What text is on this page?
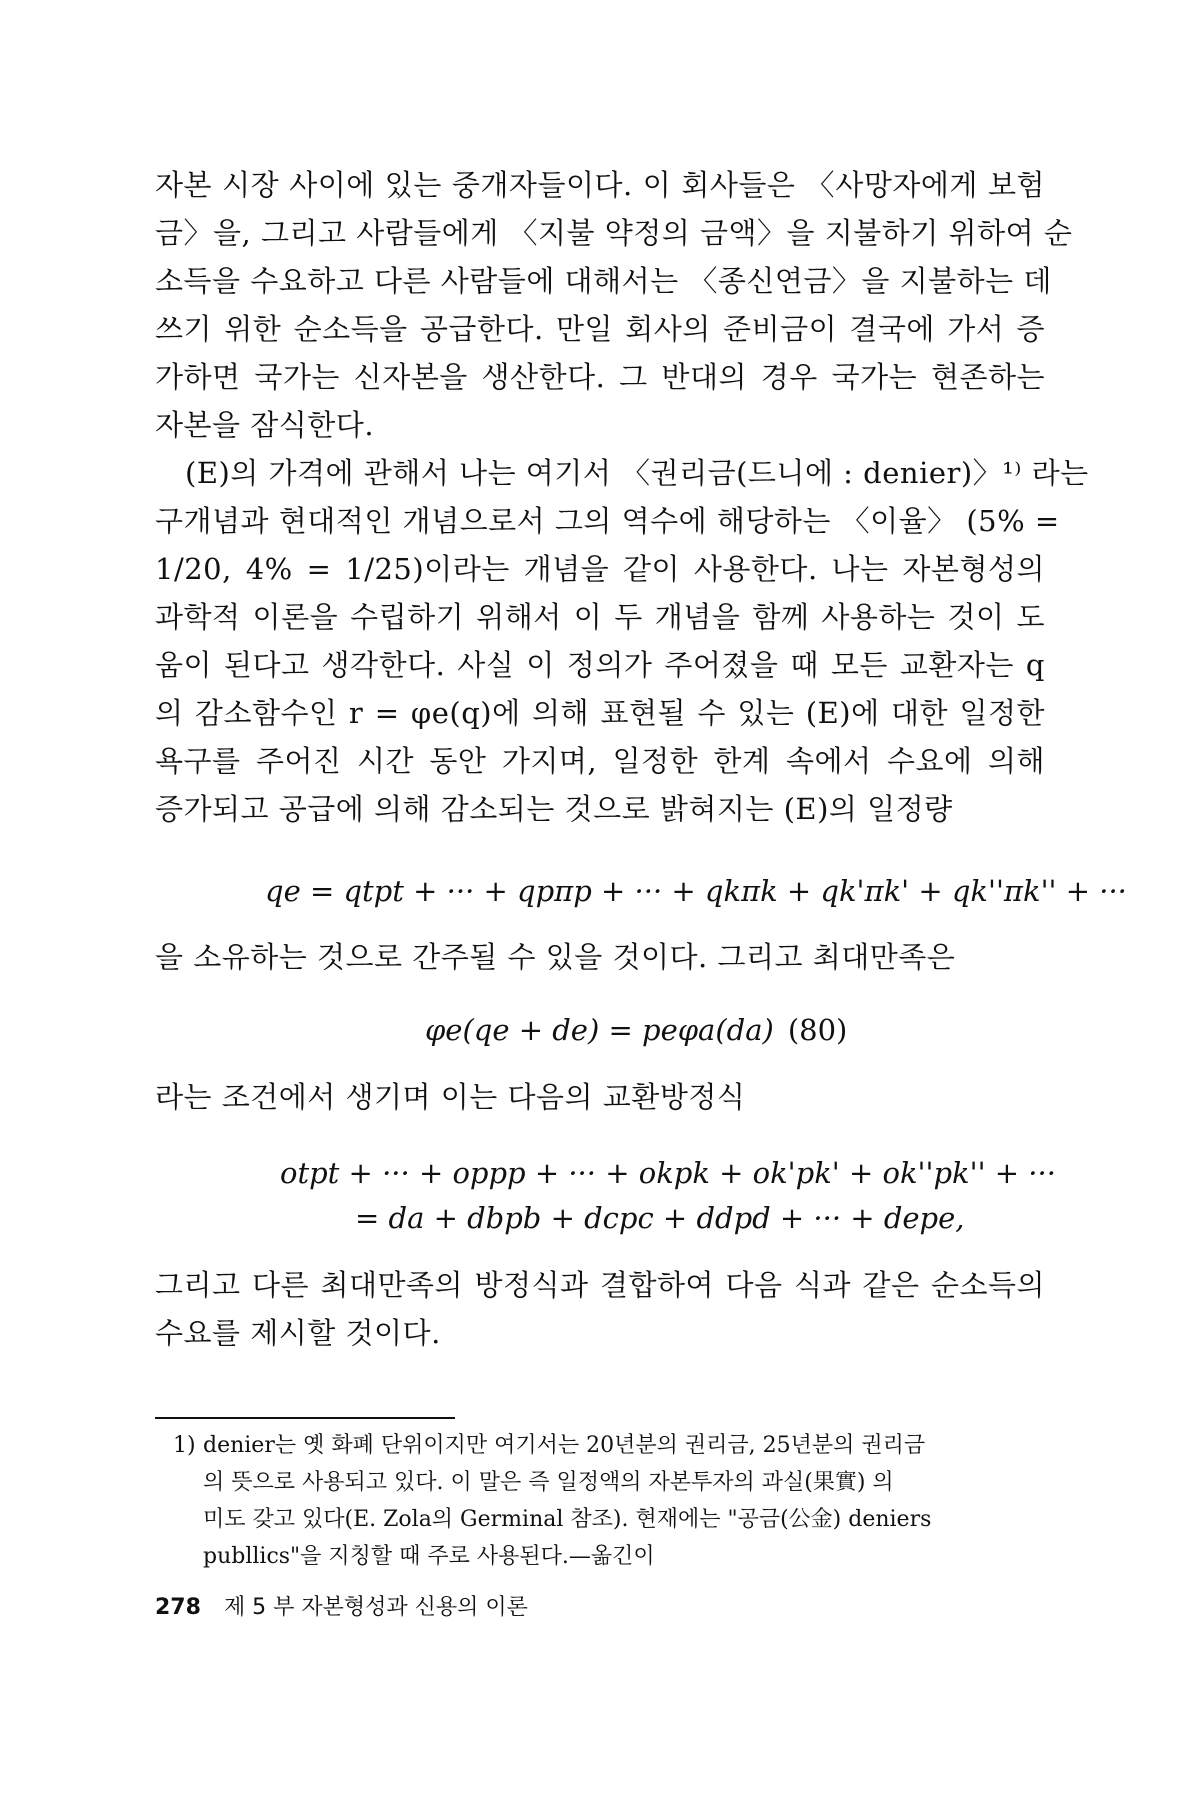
자본 시장 사이에 있는 중개자들이다. 이 회사들은 〈사망자에게 보험
금〉을, 그리고 사람들에게 〈지불 약정의 금액〉을 지불하기 위하여 순
소득을 수요하고 다른 사람들에 대해서는 〈종신연금〉을 지불하는 데
쓰기 위한 순소득을 공급한다. 만일 회사의 준비금이 결국에 가서 증
가하면 국가는 신자본을 생산한다. 그 반대의 경우 국가는 현존하는
자본을 잠식한다.
(E)의 가격에 관해서 나는 여기서 〈권리금(드니에 : denier)〉¹⁾ 라는
구개념과 현대적인 개념으로서 그의 역수에 해당하는 〈이율〉 (5% =
1/20, 4% = 1/25)이라는 개념을 같이 사용한다. 나는 자본형성의
과학적 이론을 수립하기 위해서 이 두 개념을 함께 사용하는 것이 도
움이 된다고 생각한다. 사실 이 정의가 주어졌을 때 모든 교환자는 q
의 감소함수인 r = φe(q)에 의해 표현될 수 있는 (E)에 대한 일정한
욕구를 주어진 시간 동안 가지며, 일정한 한계 속에서 수요에 의해
증가되고 공급에 의해 감소되는 것으로 밝혀지는 (E)의 일정량
qe = qtpt + ··· + qpπp + ··· + qkπk + qk'πk' + qk''πk'' + ···
을 소유하는 것으로 간주될 수 있을 것이다. 그리고 최대만족은
φe(qe + de) = peφa(da) (80)
라는 조건에서 생기며 이는 다음의 교환방정식
otpt + ··· + oppp + ··· + okpk + ok'pk' + ok''pk'' + ···
= da + dbpb + dcpc + ddpd + ··· + depe,
그리고 다른 최대만족의 방정식과 결합하여 다음 식과 같은 순소득의
수요를 제시할 것이다.
1) denier는 옛 화폐 단위이지만 여기서는 20년분의 권리금, 25년분의 권리금
의 뜻으로 사용되고 있다. 이 말은 즉 일정액의 자본투자의 과실(果實) 의
미도 갖고 있다(E. Zola의 Germinal 참조). 현재에는 "공금(公金) deniers
publlics"을 지칭할 때 주로 사용된다.—옮긴이
278 제 5 부 자본형성과 신용의 이론
